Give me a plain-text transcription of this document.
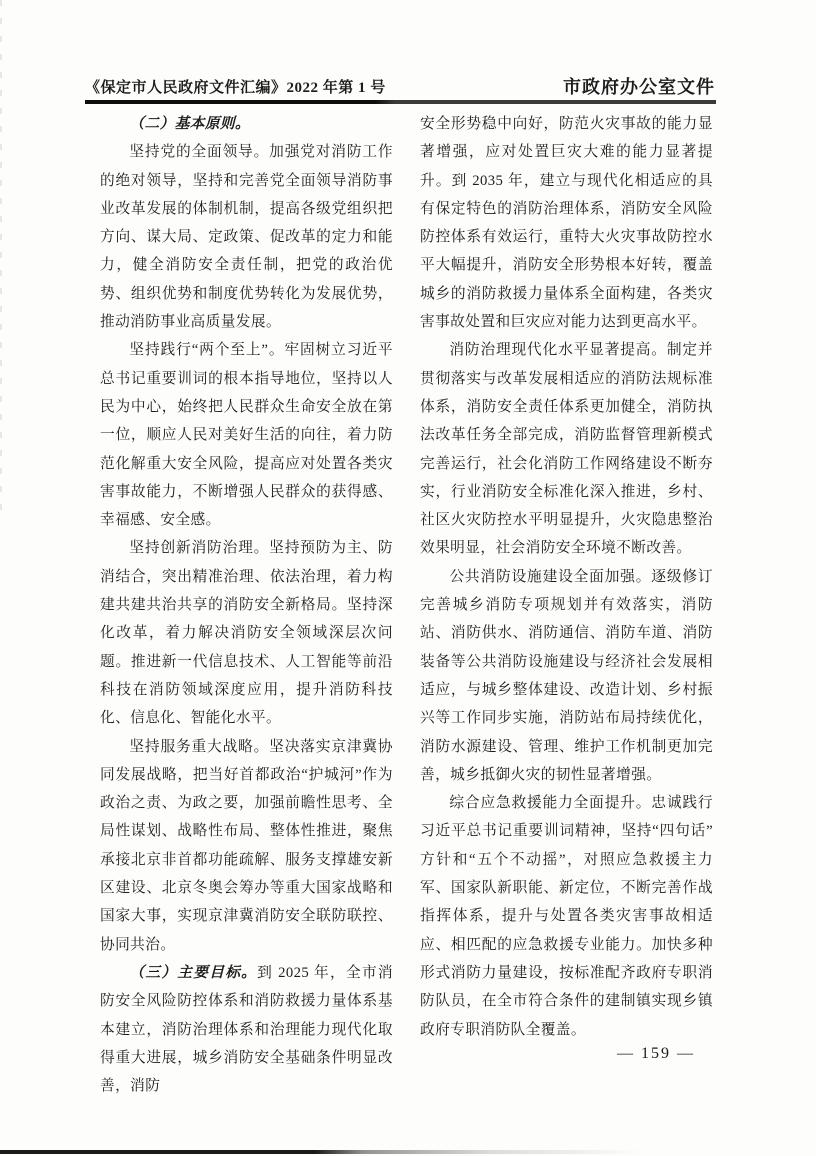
《保定市人民政府文件汇编》2022 年第 1 号	市政府办公室文件

（二）基本原则。

坚持党的全面领导。加强党对消防工作的绝对领导，坚持和完善党全面领导消防事业改革发展的体制机制，提高各级党组织把方向、谋大局、定政策、促改革的定力和能力，健全消防安全责任制，把党的政治优势、组织优势和制度优势转化为发展优势，推动消防事业高质量发展。

坚持践行“两个至上”。牢固树立习近平总书记重要训词的根本指导地位，坚持以人民为中心，始终把人民群众生命安全放在第一位，顺应人民对美好生活的向往，着力防范化解重大安全风险，提高应对处置各类灾害事故能力，不断增强人民群众的获得感、幸福感、安全感。

坚持创新消防治理。坚持预防为主、防消结合，突出精准治理、依法治理，着力构建共建共治共享的消防安全新格局。坚持深化改革，着力解决消防安全领域深层次问题。推进新一代信息技术、人工智能等前沿科技在消防领域深度应用，提升消防科技化、信息化、智能化水平。

坚持服务重大战略。坚决落实京津冀协同发展战略，把当好首都政治“护城河”作为政治之责、为政之要，加强前瞻性思考、全局性谋划、战略性布局、整体性推进，聚焦承接北京非首都功能疏解、服务支撑雄安新区建设、北京冬奥会筹办等重大国家战略和国家大事，实现京津冀消防安全联防联控、协同共治。

（三）主要目标。到 2025 年，全市消防安全风险防控体系和消防救援力量体系基本建立，消防治理体系和治理能力现代化取得重大进展，城乡消防安全基础条件明显改善，消防

安全形势稳中向好，防范火灾事故的能力显著增强，应对处置巨灾大难的能力显著提升。到 2035 年，建立与现代化相适应的具有保定特色的消防治理体系，消防安全风险防控体系有效运行，重特大火灾事故防控水平大幅提升，消防安全形势根本好转，覆盖城乡的消防救援力量体系全面构建，各类灾害事故处置和巨灾应对能力达到更高水平。

消防治理现代化水平显著提高。制定并贯彻落实与改革发展相适应的消防法规标准体系，消防安全责任体系更加健全，消防执法改革任务全部完成，消防监督管理新模式完善运行，社会化消防工作网络建设不断夯实，行业消防安全标准化深入推进，乡村、社区火灾防控水平明显提升，火灾隐患整治效果明显，社会消防安全环境不断改善。

公共消防设施建设全面加强。逐级修订完善城乡消防专项规划并有效落实，消防站、消防供水、消防通信、消防车道、消防装备等公共消防设施建设与经济社会发展相适应，与城乡整体建设、改造计划、乡村振兴等工作同步实施，消防站布局持续优化，消防水源建设、管理、维护工作机制更加完善，城乡抵御火灾的韧性显著增强。

综合应急救援能力全面提升。忠诚践行习近平总书记重要训词精神，坚持“四句话”方针和“五个不动摇”，对照应急救援主力军、国家队新职能、新定位，不断完善作战指挥体系，提升与处置各类灾害事故相适应、相匹配的应急救援专业能力。加快多种形式消防力量建设，按标准配齐政府专职消防队员，在全市符合条件的建制镇实现乡镇政府专职消防队全覆盖。

— 159 —
